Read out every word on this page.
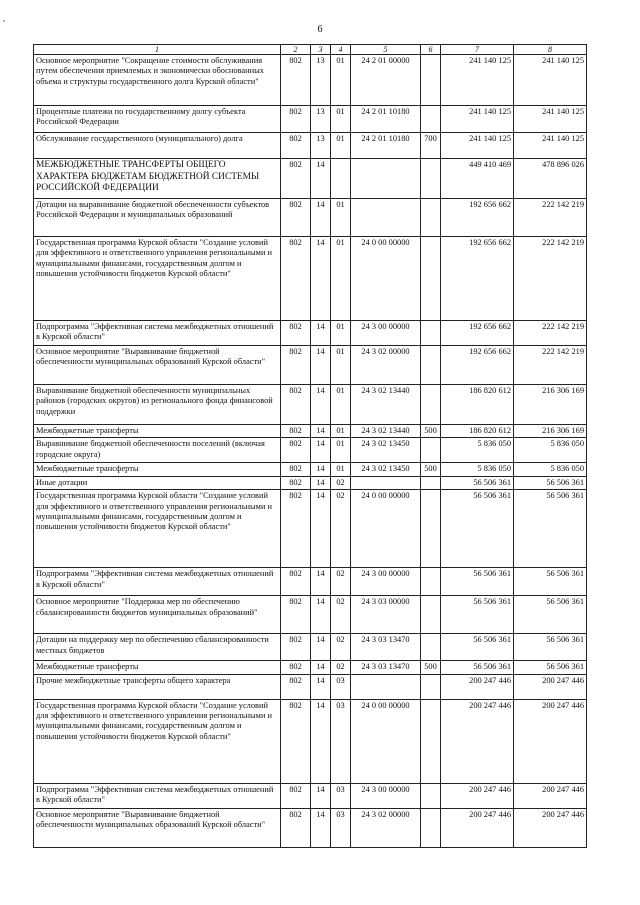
,
6
1	2	3	4	5	6	7	8
Основное мероприятие "Сокращение стоимости обслуживания путем обеспечения приемлемых и экономически обоснованных объема и структуры государственного долга Курской области"	802	13	01	24 2 01 00000		241 140 125	241 140 125
Процентные платежи по государственному долгу субъекта Российской Федерации	802	13	01	24 2 01 10180		241 140 125	241 140 125
Обслуживание государственного (муниципального) долга	802	13	01	24 2 01 10180	700	241 140 125	241 140 125
МЕЖБЮДЖЕТНЫЕ ТРАНСФЕРТЫ ОБЩЕГО ХАРАКТЕРА БЮДЖЕТАМ БЮДЖЕТНОЙ СИСТЕМЫ РОССИЙСКОЙ ФЕДЕРАЦИИ	802	14				449 410 469	478 896 026
Дотации на выравнивание бюджетной обеспеченности субъектов Российской Федерации и муниципальных образований	802	14	01			192 656 662	222 142 219
Государственная программа Курской области "Создание условий для эффективного и ответственного управления региональными и муниципальными финансами, государственным долгом и повышения устойчивости бюджетов Курской области"	802	14	01	24 0 00 00000		192 656 662	222 142 219
Подпрограмма "Эффективная система межбюджетных отношений в Курской области"	802	14	01	24 3 00 00000		192 656 662	222 142 219
Основное мероприятие "Выравнивание бюджетной обеспеченности муниципальных образований Курской области"	802	14	01	24 3 02 00000		192 656 662	222 142 219
Выравнивание бюджетной обеспеченности муниципальных районов (городских округов) из регионального фонда финансовой поддержки	802	14	01	24 3 02 13440		186 820 612	216 306 169
Межбюджетные трансферты	802	14	01	24 3 02 13440	500	186 820 612	216 306 169
Выравнивание бюджетной обеспеченности поселений (включая городские округа)	802	14	01	24 3 02 13450		5 836 050	5 836 050
Межбюджетные трансферты	802	14	01	24 3 02 13450	500	5 836 050	5 836 050
Иные дотации	802	14	02			56 506 361	56 506 361
Государственная программа Курской области "Создание условий для эффективного и ответственного управления региональными и муниципальными финансами, государственным долгом и повышения устойчивости бюджетов Курской области"	802	14	02	24 0 00 00000		56 506 361	56 506 361
Подпрограмма "Эффективная система межбюджетных отношений в Курской области"	802	14	02	24 3 00 00000		56 506 361	56 506 361
Основное мероприятие "Поддержка мер по обеспечению сбалансированности бюджетов муниципальных образований"	802	14	02	24 3 03 00000		56 506 361	56 506 361
Дотации на поддержку мер по обеспечению сбалансированности местных бюджетов	802	14	02	24 3 03 13470		56 506 361	56 506 361
Межбюджетные трансферты	802	14	02	24 3 03 13470	500	56 506 361	56 506 361
Прочие межбюджетные трансферты общего характера	802	14	03			200 247 446	200 247 446
Государственная программа Курской области "Создание условий для эффективного и ответственного управления региональными и муниципальными финансами, государственным долгом и повышения устойчивости бюджетов Курской области"	802	14	03	24 0 00 00000		200 247 446	200 247 446
Подпрограмма "Эффективная система межбюджетных отношений в Курской области"	802	14	03	24 3 00 00000		200 247 446	200 247 446
Основное мероприятие "Выравнивание бюджетной обеспеченности муниципальных образований Курской области"	802	14	03	24 3 02 00000		200 247 446	200 247 446
